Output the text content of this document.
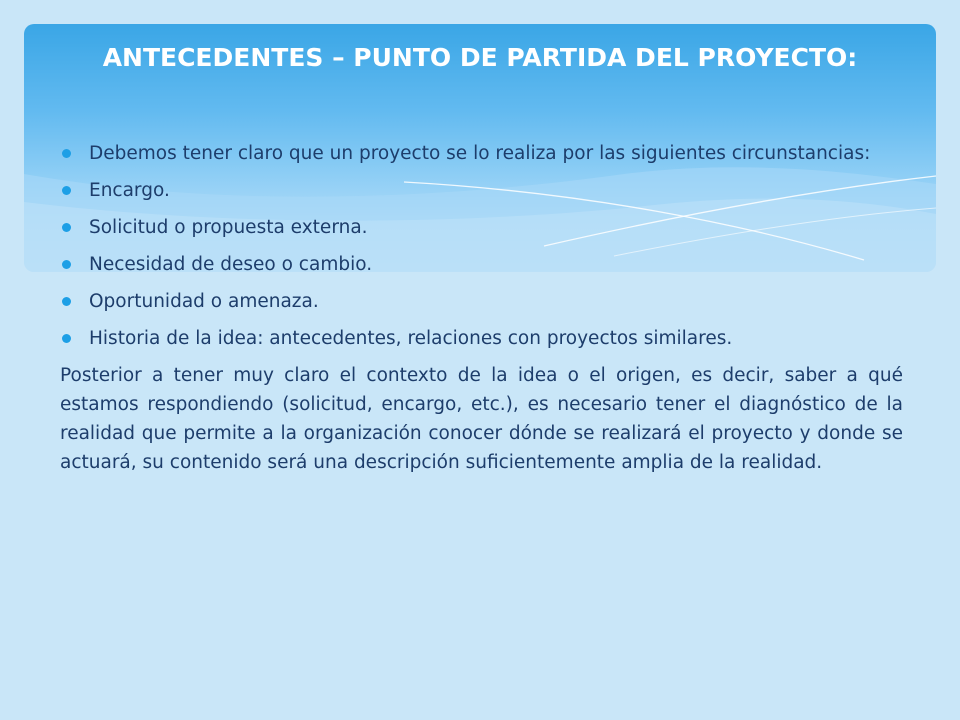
ANTECEDENTES – PUNTO DE PARTIDA DEL PROYECTO:
Debemos tener claro que un proyecto se lo realiza por las siguientes circunstancias:
Encargo.
Solicitud o propuesta externa.
Necesidad de deseo o cambio.
Oportunidad o amenaza.
Historia de la idea: antecedentes, relaciones con proyectos similares.

Posterior a tener muy claro el contexto de la idea o el origen, es decir, saber a qué estamos respondiendo (solicitud, encargo, etc.), es necesario tener el diagnóstico de la realidad que permite a la organización conocer dónde se realizará el proyecto y donde se actuará, su contenido será una descripción suficientemente amplia de la realidad.
